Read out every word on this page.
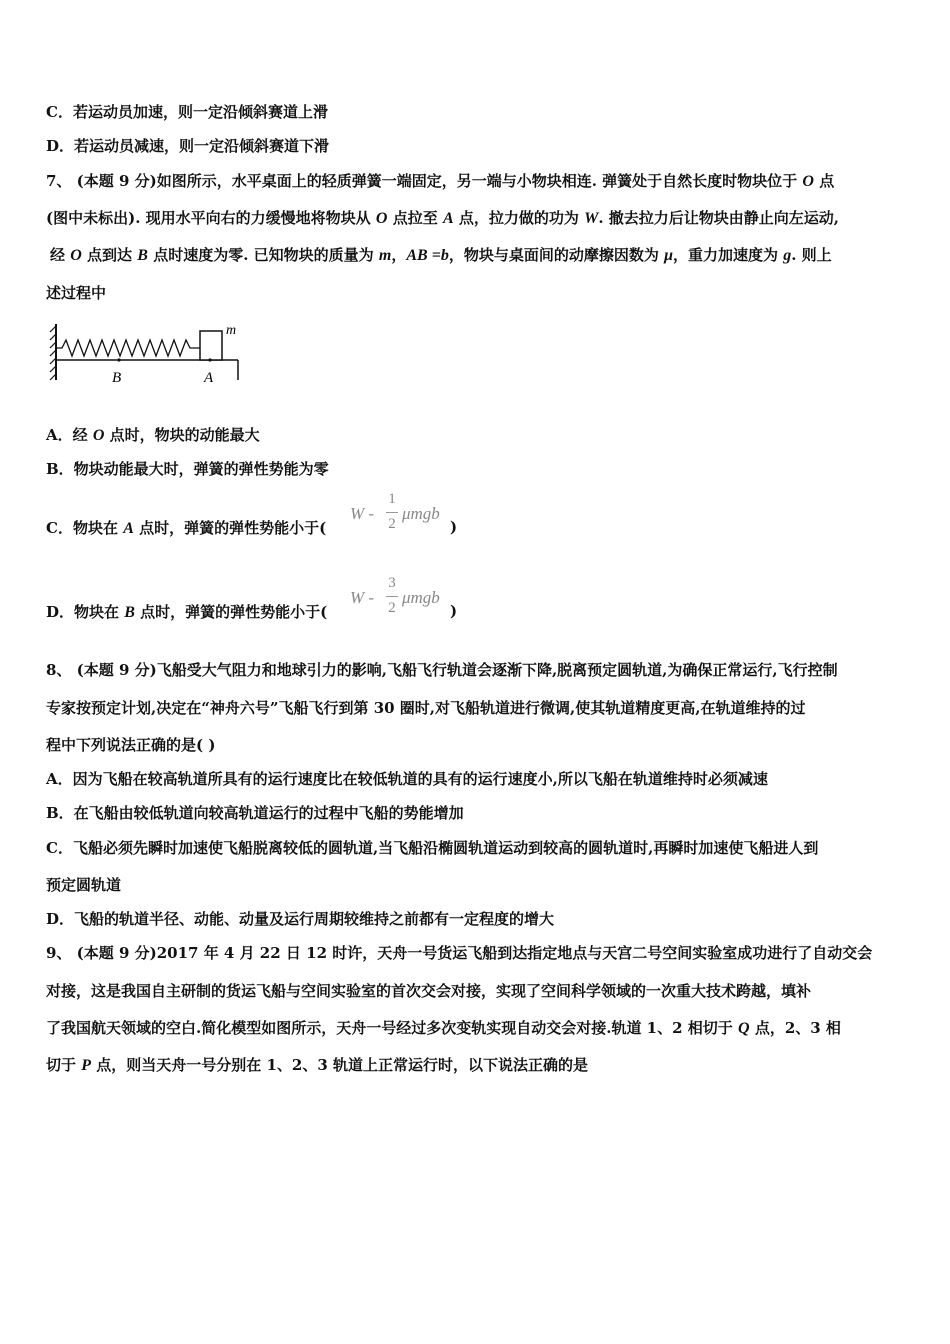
C．若运动员加速，则一定沿倾斜赛道上滑
D．若运动员减速，则一定沿倾斜赛道下滑
7、 (本题 9 分)如图所示，水平桌面上的轻质弹簧一端固定，另一端与小物块相连. 弹簧处于自然长度时物块位于 O 点
(图中未标出). 现用水平向右的力缓慢地将物块从 O 点拉至 A 点，拉力做的功为 W. 撤去拉力后让物块由静止向左运动,
经 O 点到达 B 点时速度为零. 已知物块的质量为 m，AB =b，物块与桌面间的动摩擦因数为 μ，重力加速度为 g. 则上
述过程中
m
B	A
A．经 O 点时，物块的动能最大
B．物块动能最大时，弹簧的弹性势能为零
C．物块在 A 点时，弹簧的弹性势能小于(
W -
1
2
μmgb
)
D．物块在 B 点时，弹簧的弹性势能小于(
W -
3
2
μmgb
)
8、 (本题 9 分)飞船受大气阻力和地球引力的影响,飞船飞行轨道会逐渐下降,脱离预定圆轨道,为确保正常运行,飞行控制
专家按预定计划,决定在“神舟六号”飞船飞行到第 30 圈时,对飞船轨道进行微调,使其轨道精度更高,在轨道维持的过
程中下列说法正确的是( )
A．因为飞船在较高轨道所具有的运行速度比在较低轨道的具有的运行速度小,所以飞船在轨道维持时必须减速
B．在飞船由较低轨道向较高轨道运行的过程中飞船的势能增加
C．飞船必须先瞬时加速使飞船脱离较低的圆轨道,当飞船沿椭圆轨道运动到较高的圆轨道时,再瞬时加速使飞船进人到
预定圆轨道
D．飞船的轨道半径、动能、动量及运行周期较维持之前都有一定程度的增大
9、 (本题 9 分)2017 年 4 月 22 日 12 时许，天舟一号货运飞船到达指定地点与天宫二号空间实验室成功进行了自动交会
对接，这是我国自主研制的货运飞船与空间实验室的首次交会对接，实现了空间科学领域的一次重大技术跨越，填补
了我国航天领域的空白.简化模型如图所示，天舟一号经过多次变轨实现自动交会对接.轨道 1、2 相切于 Q 点，2、3 相
切于 P 点，则当天舟一号分别在 1、2、3 轨道上正常运行时，以下说法正确的是
